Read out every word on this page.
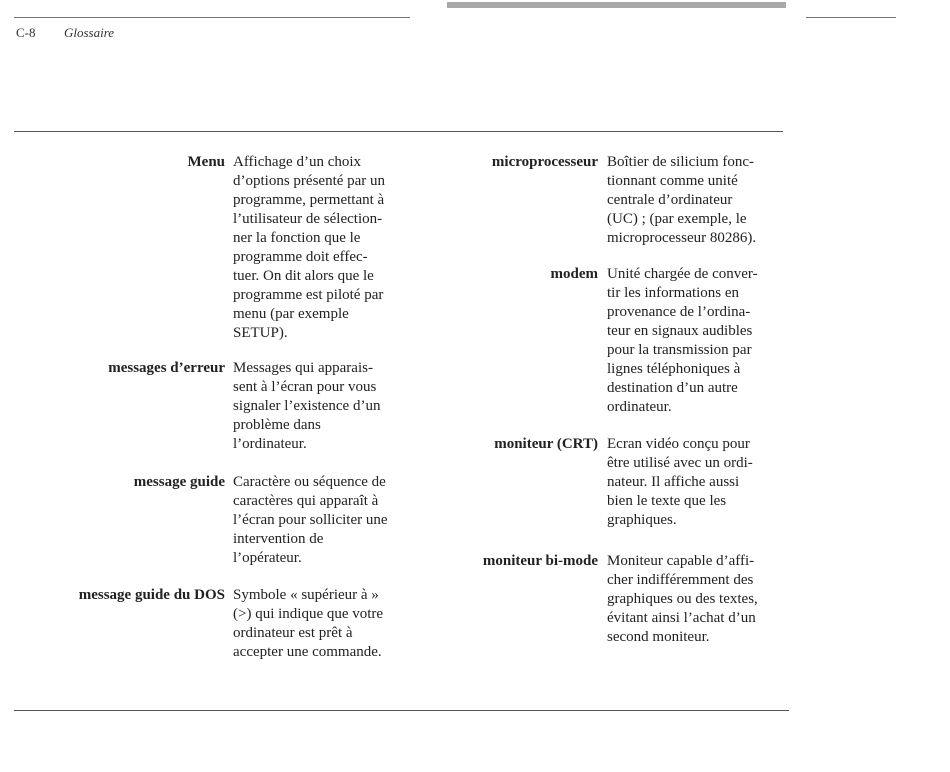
C-8 Glossaire
Menu Affichage d’un choix
d’options présenté par un
programme, permettant à
l’utilisateur de sélection-
ner la fonction que le
programme doit effec-
tuer. On dit alors que le
programme est piloté par
menu (par exemple
SETUP).
messages d’erreur Messages qui apparais-
sent à l’écran pour vous
signaler l’existence d’un
problème dans
l’ordinateur.
message guide Caractère ou séquence de
caractères qui apparaît à
l’écran pour solliciter une
intervention de
l’opérateur.
message guide du DOS Symbole « supérieur à »
(>) qui indique que votre
ordinateur est prêt à
accepter une commande.
microprocesseur Boîtier de silicium fonc-
tionnant comme unité
centrale d’ordinateur
(UC) ; (par exemple, le
microprocesseur 80286).
modem Unité chargée de conver-
tir les informations en
provenance de l’ordina-
teur en signaux audibles
pour la transmission par
lignes téléphoniques à
destination d’un autre
ordinateur.
moniteur (CRT) Ecran vidéo conçu pour
être utilisé avec un ordi-
nateur. Il affiche aussi
bien le texte que les
graphiques.
moniteur bi-mode Moniteur capable d’affi-
cher indifféremment des
graphiques ou des textes,
évitant ainsi l’achat d’un
second moniteur.
